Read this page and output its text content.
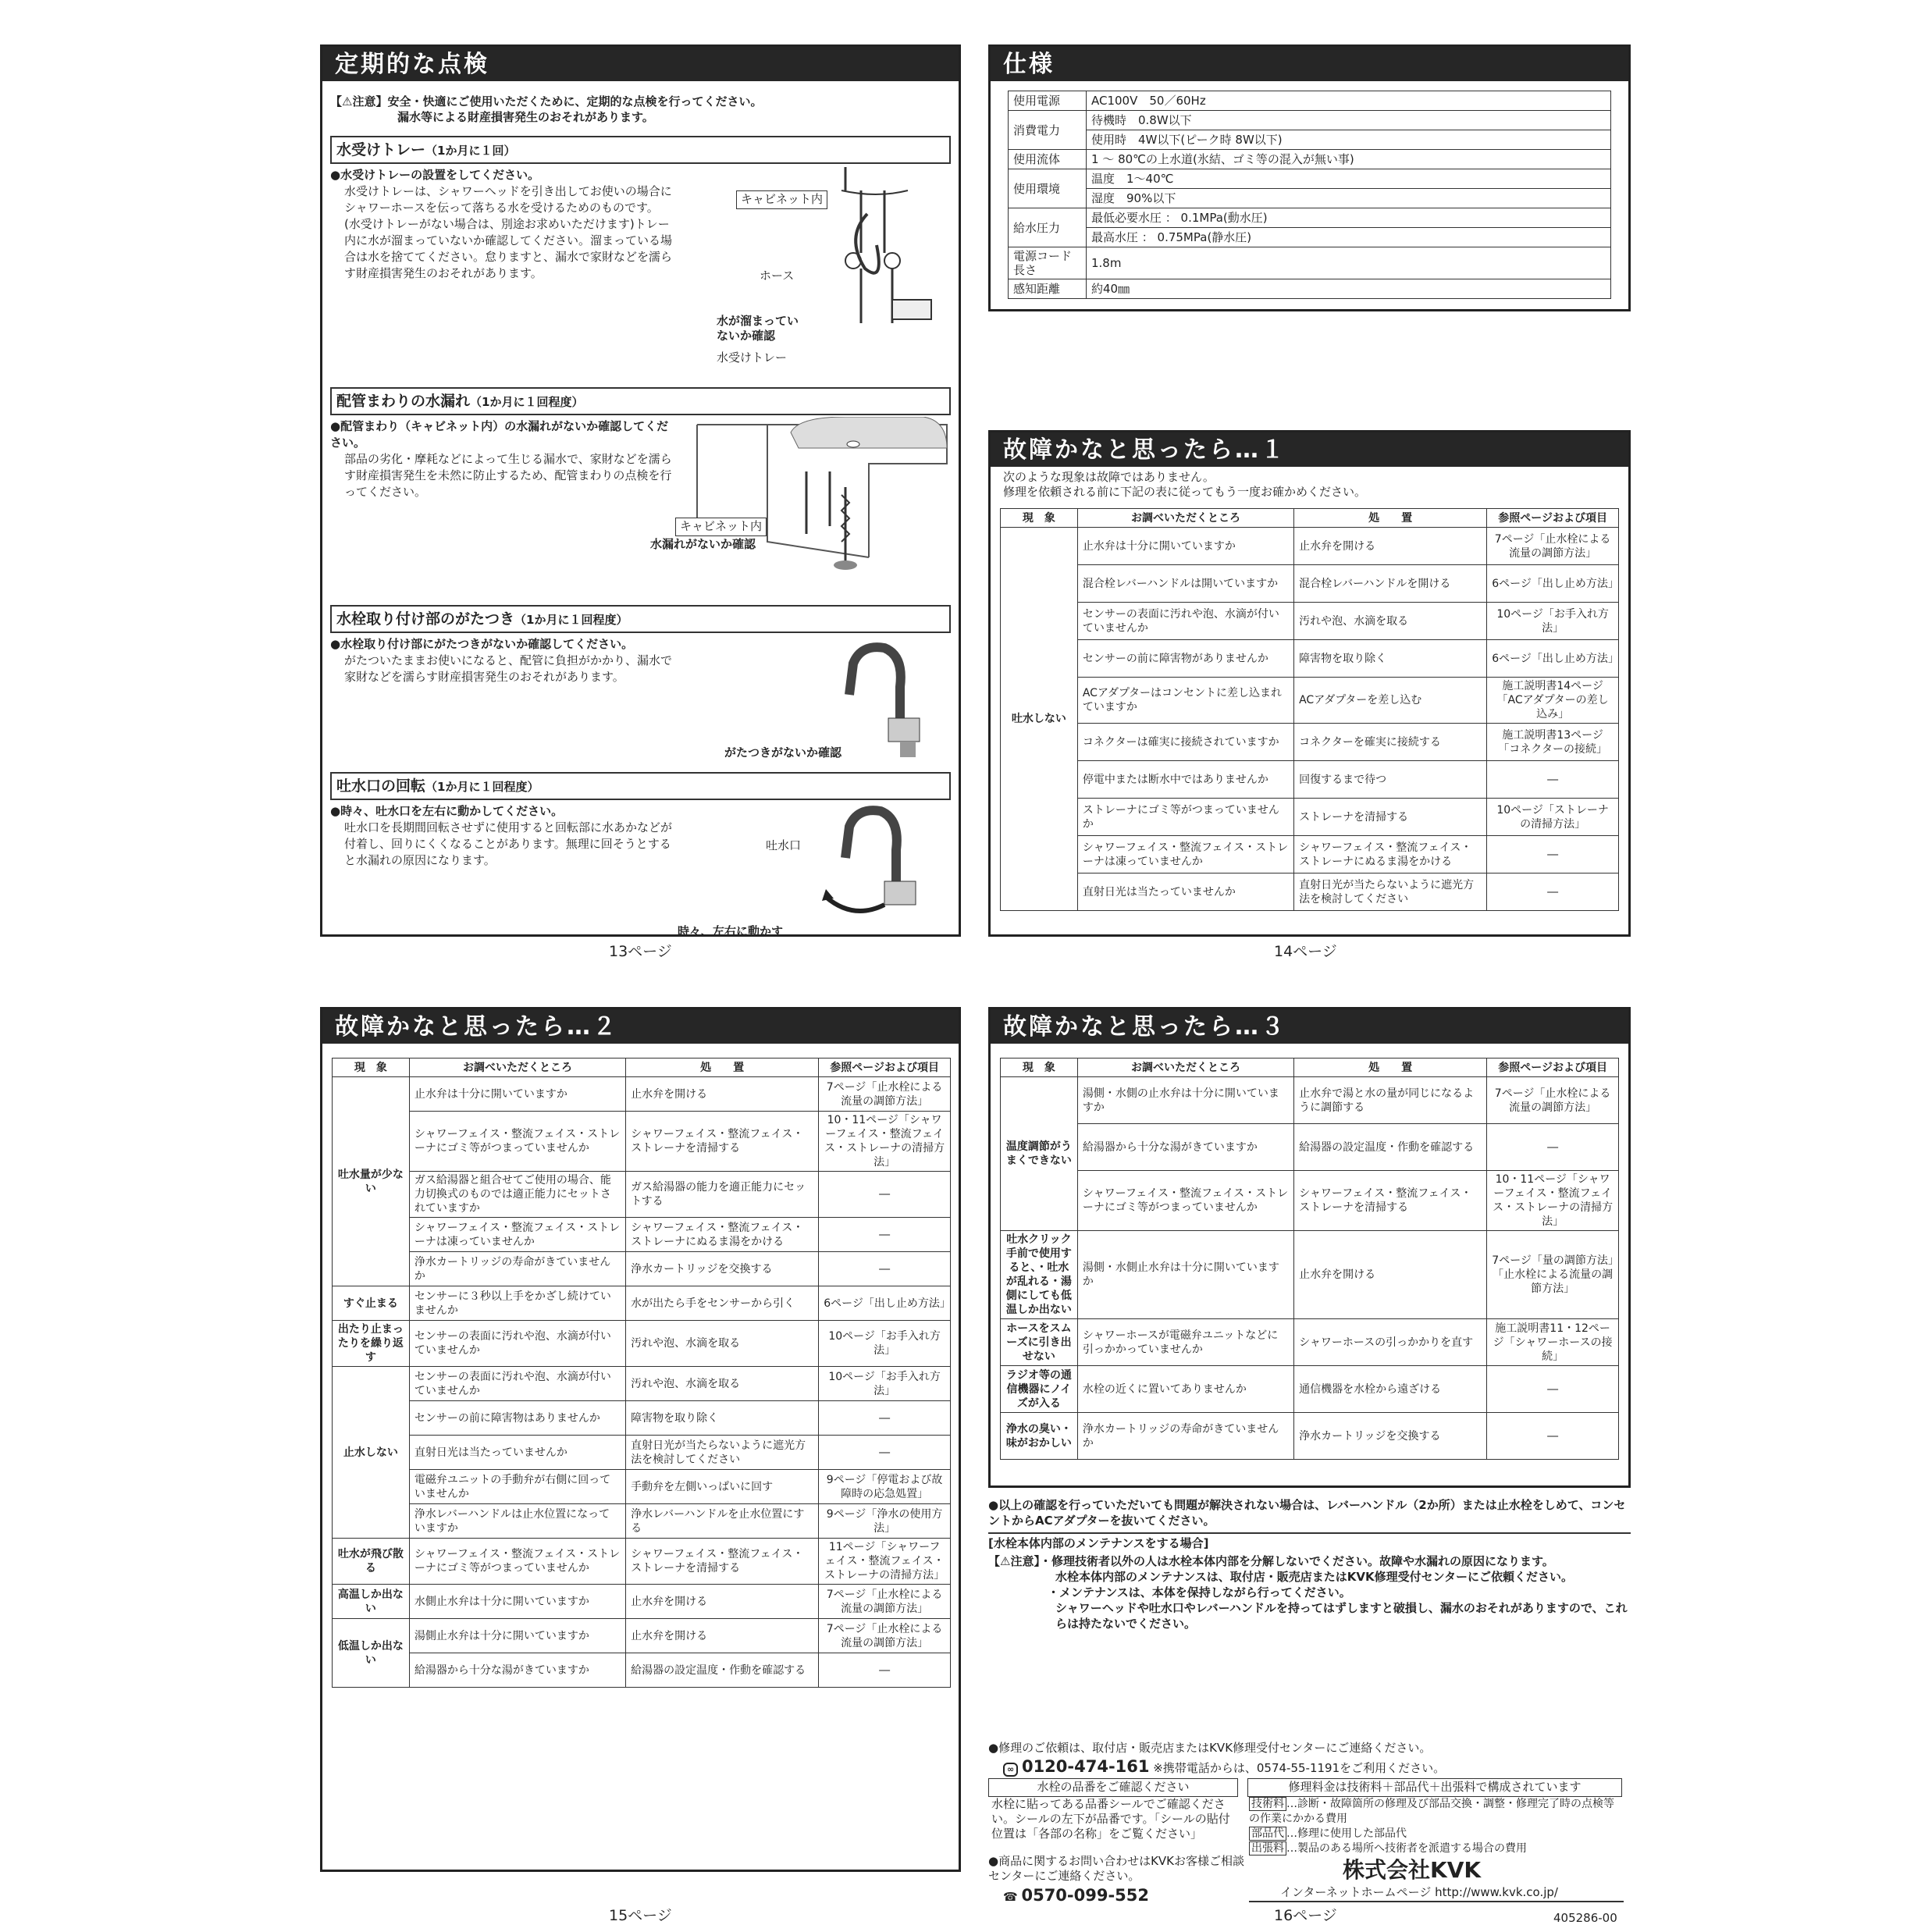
定期的な点検
【⚠注意】安全・快適にご使用いただくために、定期的な点検を行ってください。
漏水等による財産損害発生のおそれがあります。
水受けトレー（1か月に１回）
●水受けトレーの設置をしてください。
水受けトレーは、シャワーヘッドを引き出してお使いの場合にシャワーホースを伝って落ちる水を受けるためのものです。(水受けトレーがない場合は、別途お求めいただけます)トレー内に水が溜まっていないか確認してください。溜まっている場合は水を捨ててください。怠りますと、漏水で家財などを濡らす財産損害発生のおそれがあります。
キャビネット内
ホース
水が溜まっていないか確認
水受けトレー
配管まわりの水漏れ（1か月に１回程度）
●配管まわり（キャビネット内）の水漏れがないか確認してください。
部品の劣化・摩耗などによって生じる漏水で、家財などを濡らす財産損害発生を未然に防止するため、配管まわりの点検を行ってください。
キャビネット内
水漏れがないか確認
水栓取り付け部のがたつき（1か月に１回程度）
●水栓取り付け部にがたつきがないか確認してください。
がたついたままお使いになると、配管に負担がかかり、漏水で家財などを濡らす財産損害発生のおそれがあります。
がたつきがないか確認
吐水口の回転（1か月に１回程度）
●時々、吐水口を左右に動かしてください。
吐水口を長期間回転させずに使用すると回転部に水あかなどが付着し、回りにくくなることがあります。無理に回そうとすると水漏れの原因になります。
吐水口
時々、左右に動かす
13ページ
仕様
使用電源	AC100V　50／60Hz
消費電力	待機時　0.8W以下
	使用時　4W以下(ピーク時 8W以下)
使用流体	1 ～ 80℃の上水道(氷結、ゴミ等の混入が無い事)
使用環境	温度　1～40℃
	湿度　90%以下
給水圧力	最低必要水圧 ： 0.1MPa(動水圧)
	最高水圧 ： 0.75MPa(静水圧)
電源コード長さ	1.8m
感知距離	約40㎜
故障かなと思ったら…１
次のような現象は故障ではありません。
修理を依頼される前に下記の表に従ってもう一度お確かめください。
現　象	お調べいただくところ	処　　置	参照ページおよび項目
吐水しない	止水弁は十分に開いていますか	止水弁を開ける	7ページ「止水栓による流量の調節方法」
	混合栓レバーハンドルは開いていますか	混合栓レバーハンドルを開ける	6ページ「出し止め方法」
	センサーの表面に汚れや泡、水滴が付いていませんか	汚れや泡、水滴を取る	10ページ「お手入れ方法」
	センサーの前に障害物がありませんか	障害物を取り除く	6ページ「出し止め方法」
	ACアダプターはコンセントに差し込まれていますか	ACアダプターを差し込む	施工説明書14ページ「ACアダプターの差し込み」
	コネクターは確実に接続されていますか	コネクターを確実に接続する	施工説明書13ページ「コネクターの接続」
	停電中または断水中ではありませんか	回復するまで待つ	―
	ストレーナにゴミ等がつまっていませんか	ストレーナを清掃する	10ページ「ストレーナの清掃方法」
	シャワーフェイス・整流フェイス・ストレーナは凍っていませんか	シャワーフェイス・整流フェイス・ストレーナにぬるま湯をかける	―
	直射日光は当たっていませんか	直射日光が当たらないように遮光方法を検討してください	―
14ページ
故障かなと思ったら…２
現　象	お調べいただくところ	処　　置	参照ページおよび項目
吐水量が少ない	止水弁は十分に開いていますか	止水弁を開ける	7ページ「止水栓による流量の調節方法」
	シャワーフェイス・整流フェイス・ストレーナにゴミ等がつまっていませんか	シャワーフェイス・整流フェイス・ストレーナを清掃する	10・11ページ「シャワーフェイス・整流フェイス・ストレーナの清掃方法」
	ガス給湯器と組合せてご使用の場合、能力切換式のものでは適正能力にセットされていますか	ガス給湯器の能力を適正能力にセットする	―
	シャワーフェイス・整流フェイス・ストレーナは凍っていませんか	シャワーフェイス・整流フェイス・ストレーナにぬるま湯をかける	―
	浄水カートリッジの寿命がきていませんか	浄水カートリッジを交換する	―
すぐ止まる	センサーに３秒以上手をかざし続けていませんか	水が出たら手をセンサーから引く	6ページ「出し止め方法」
出たり止まったりを繰り返す	センサーの表面に汚れや泡、水滴が付いていませんか	汚れや泡、水滴を取る	10ページ「お手入れ方法」
止水しない	センサーの表面に汚れや泡、水滴が付いていませんか	汚れや泡、水滴を取る	10ページ「お手入れ方法」
	センサーの前に障害物はありませんか	障害物を取り除く	―
	直射日光は当たっていませんか	直射日光が当たらないように遮光方法を検討してください	―
	電磁弁ユニットの手動弁が右側に回っていませんか	手動弁を左側いっぱいに回す	9ページ「停電および故障時の応急処置」
	浄水レバーハンドルは止水位置になっていますか	浄水レバーハンドルを止水位置にする	9ページ「浄水の使用方法」
吐水が飛び散る	シャワーフェイス・整流フェイス・ストレーナにゴミ等がつまっていませんか	シャワーフェイス・整流フェイス・ストレーナを清掃する	11ページ「シャワーフェイス・整流フェイス・ストレーナの清掃方法」
高温しか出ない	水側止水弁は十分に開いていますか	止水弁を開ける	7ページ「止水栓による流量の調節方法」
低温しか出ない	湯側止水弁は十分に開いていますか	止水弁を開ける	7ページ「止水栓による流量の調節方法」
	給湯器から十分な湯がきていますか	給湯器の設定温度・作動を確認する	―
15ページ
故障かなと思ったら…３
現　象	お調べいただくところ	処　　置	参照ページおよび項目
温度調節がうまくできない	湯側・水側の止水弁は十分に開いていますか	止水弁で湯と水の量が同じになるように調節する	7ページ「止水栓による流量の調節方法」
	給湯器から十分な湯がきていますか	給湯器の設定温度・作動を確認する	―
	シャワーフェイス・整流フェイス・ストレーナにゴミ等がつまっていませんか	シャワーフェイス・整流フェイス・ストレーナを清掃する	10・11ページ「シャワーフェイス・整流フェイス・ストレーナの清掃方法」
吐水クリック手前で使用すると、・吐水が乱れる・湯側にしても低温しか出ない	湯側・水側止水弁は十分に開いていますか	止水弁を開ける	7ページ「量の調節方法」「止水栓による流量の調節方法」
ホースをスムーズに引き出せない	シャワーホースが電磁弁ユニットなどに引っかかっていませんか	シャワーホースの引っかかりを直す	施工説明書11・12ページ「シャワーホースの接続」
ラジオ等の通信機器にノイズが入る	水栓の近くに置いてありませんか	通信機器を水栓から遠ざける	―
浄水の臭い・味がおかしい	浄水カートリッジの寿命がきていませんか	浄水カートリッジを交換する	―
●以上の確認を行っていただいても問題が解決されない場合は、レバーハンドル（2か所）または止水栓をしめて、コンセントからACアダプターを抜いてください。
[水栓本体内部のメンテナンスをする場合]
【⚠注意】・修理技術者以外の人は水栓本体内部を分解しないでください。故障や水漏れの原因になります。
水栓本体内部のメンテナンスは、取付店・販売店またはKVK修理受付センターにご依頼ください。
・メンテナンスは、本体を保持しながら行ってください。
シャワーヘッドや吐水口やレバーハンドルを持ってはずしますと破損し、漏水のおそれがありますので、これらは持たないでください。
●修理のご依頼は、取付店・販売店またはKVK修理受付センターにご連絡ください。
∞ 0120-474-161 ※携帯電話からは、0574-55-1191をご利用ください。
水栓の品番をご確認ください
水栓に貼ってある品番シールでご確認ください。シールの左下が品番です。「シールの貼付位置は「各部の名称」をご覧ください」
修理料金は技術料＋部品代＋出張料で構成されています
技術料 …診断・故障箇所の修理及び部品交換・調整・修理完了時の点検等の作業にかかる費用
部品代 …修理に使用した部品代
出張料 …製品のある場所へ技術者を派遣する場合の費用
●商品に関するお問い合わせはKVKお客様ご相談センターにご連絡ください。
☎ 0570-099-552
株式会社KVK
インターネットホームページ http://www.kvk.co.jp/
16ページ	405286-00
